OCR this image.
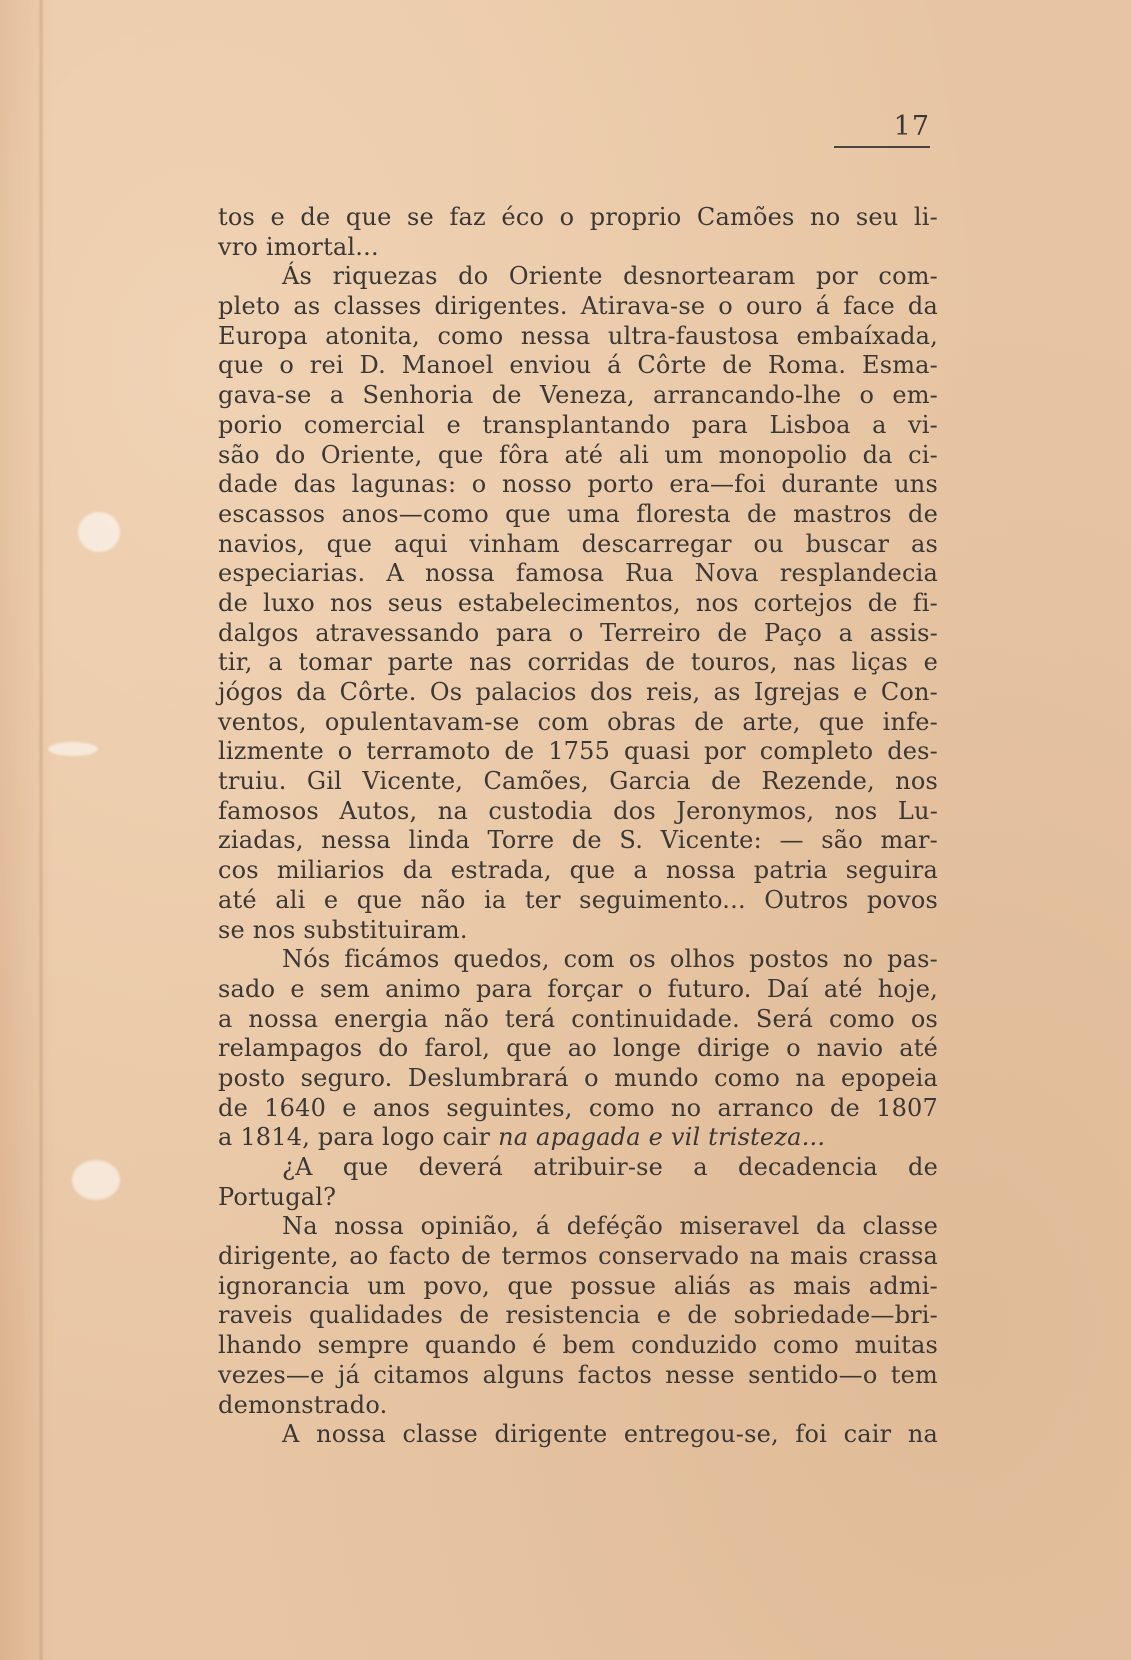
17
tos e de que se faz éco o proprio Camões no seu li-
vro imortal...
Ás riquezas do Oriente desnortearam por com-
pleto as classes dirigentes. Atirava-se o ouro á face da
Europa atonita, como nessa ultra-faustosa embaíxada,
que o rei D. Manoel enviou á Côrte de Roma. Esma-
gava-se a Senhoria de Veneza, arrancando-lhe o em-
porio comercial e transplantando para Lisboa a vi-
são do Oriente, que fôra até ali um monopolio da ci-
dade das lagunas: o nosso porto era—foi durante uns
escassos anos—como que uma floresta de mastros de
navios, que aqui vinham descarregar ou buscar as
especiarias. A nossa famosa Rua Nova resplandecia
de luxo nos seus estabelecimentos, nos cortejos de fi-
dalgos atravessando para o Terreiro de Paço a assis-
tir, a tomar parte nas corridas de touros, nas liças e
jógos da Côrte. Os palacios dos reis, as Igrejas e Con-
ventos, opulentavam-se com obras de arte, que infe-
lizmente o terramoto de 1755 quasi por completo des-
truiu. Gil Vicente, Camões, Garcia de Rezende, nos
famosos Autos, na custodia dos Jeronymos, nos Lu-
ziadas, nessa linda Torre de S. Vicente: — são mar-
cos miliarios da estrada, que a nossa patria seguira
até ali e que não ia ter seguimento... Outros povos
se nos substituiram.
Nós ficámos quedos, com os olhos postos no pas-
sado e sem animo para forçar o futuro. Daí até hoje,
a nossa energia não terá continuidade. Será como os
relampagos do farol, que ao longe dirige o navio até
posto seguro. Deslumbrará o mundo como na epopeia
de 1640 e anos seguintes, como no arranco de 1807
a 1814, para logo cair na apagada e vil tristeza...
¿A que deverá atribuir-se a decadencia de
Portugal?
Na nossa opinião, á deféção miseravel da classe
dirigente, ao facto de termos conservado na mais crassa
ignorancia um povo, que possue aliás as mais admi-
raveis qualidades de resistencia e de sobriedade—bri-
lhando sempre quando é bem conduzido como muitas
vezes—e já citamos alguns factos nesse sentido—o tem
demonstrado.
A nossa classe dirigente entregou-se, foi cair na
